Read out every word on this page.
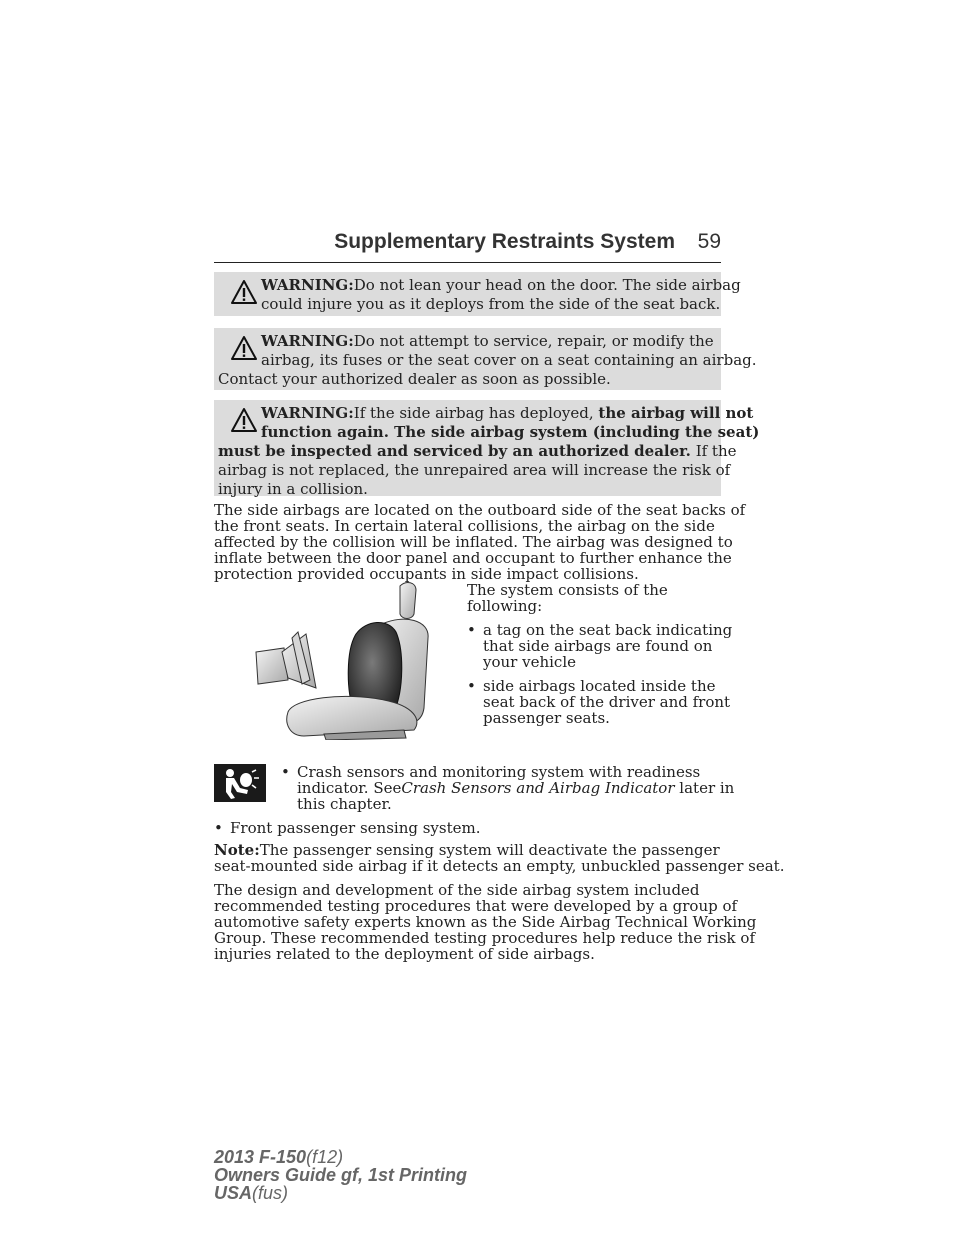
Supplementary Restraints System 59
WARNING:Do not lean your head on the door. The side airbag
could injure you as it deploys from the side of the seat back.
WARNING:Do not attempt to service, repair, or modify the
airbag, its fuses or the seat cover on a seat containing an airbag.
Contact your authorized dealer as soon as possible.
WARNING:If the side airbag has deployed, the airbag will not
function again. The side airbag system (including the seat)
must be inspected and serviced by an authorized dealer. If the
airbag is not replaced, the unrepaired area will increase the risk of
injury in a collision.
The side airbags are located on the outboard side of the seat backs of
the front seats. In certain lateral collisions, the airbag on the side
affected by the collision will be inflated. The airbag was designed to
inflate between the door panel and occupant to further enhance the
protection provided occupants in side impact collisions.
The system consists of the
following:
• a tag on the seat back indicating
that side airbags are found on
your vehicle
• side airbags located inside the
seat back of the driver and front
passenger seats.
• Crash sensors and monitoring system with readiness
indicator. SeeCrash Sensors and Airbag Indicator later in
this chapter.
• Front passenger sensing system.
Note:The passenger sensing system will deactivate the passenger
seat-mounted side airbag if it detects an empty, unbuckled passenger seat.
The design and development of the side airbag system included
recommended testing procedures that were developed by a group of
automotive safety experts known as the Side Airbag Technical Working
Group. These recommended testing procedures help reduce the risk of
injuries related to the deployment of side airbags.
2013 F-150(f12)
Owners Guide gf, 1st Printing
USA(fus)
